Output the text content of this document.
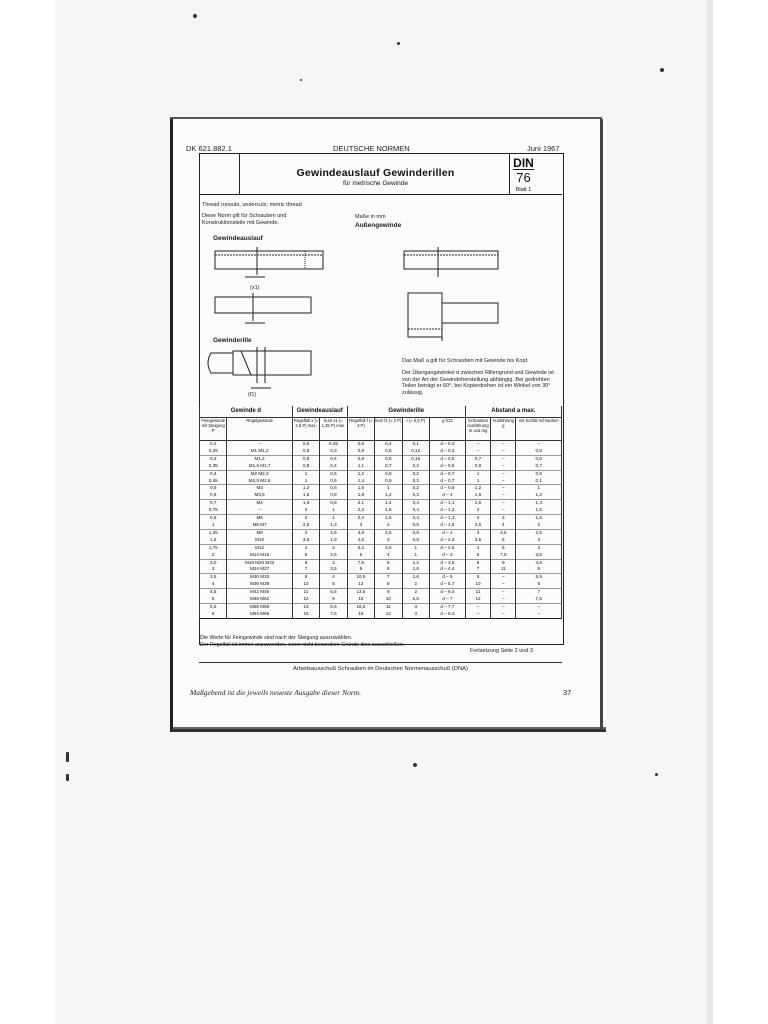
DK 621.882.1	DEUTSCHE NORMEN	Juni 1967
Gewindeauslauf Gewinderillen
für metrische Gewinde
DIN
76
Blatt 1
Thread runouts, undercuts; metric thread
Diese Norm gilt für Schrauben und Konstruktionsteile mit Gewinde.
Maße in mm
Außengewinde
Gewindeauslauf
Gewinderille
(x1)
(f1)
Das Maß a gilt für Schrauben mit Gewinde bis Kopf.
Der Übergangswinkel α zwischen Rillengrund und Gewinde ist von der Art der Gewindeherstellung abhängig. Bei gedrehten Teilen beträgt er 60°, bei Kopierdrehen ist ein Winkel von 30° zulässig.
Gewinde d		Gewindeauslauf		Gewinderille				Abstand a max.		
Feingewinde mit Steigung P	Regelgewinde	Regelfall x (≈ 2,5 P) max.	kurz x1 (≈ 1,25 P) max.	Regelfall f (≈ 3 P)	kurz f1 (≈ 2 P)	r (≈ 0,5 P)	g h13	Schrauben Ausführung m und mg	Ausführung g	mit Schlitz schrauben
0,2	–	0,5	0,25	0,6	0,4	0,1	d – 0,3	–	–	–
0,25	M1 M1,2	0,6	0,3	0,8	0,5	0,12	d – 0,4	–	–	0,5
0,3	M1,4	0,8	0,4	0,9	0,6	0,16	d – 0,5	0,7	–	0,6
0,35	M1,6 M1,7	0,8	0,4	1,1	0,7	0,2	d – 0,6	0,8	–	0,7
0,4	M2 M2,3	1	0,5	1,2	0,8	0,2	d – 0,7	1	–	0,8
0,45	M2,5 M2,6	1	0,5	1,4	0,9	0,2	d – 0,7	1	–	0,1
0,5	M3	1,2	0,6	1,5	1	0,2	d – 0,8	1,2	–	1
0,6	M3,5	1,6	0,8	1,8	1,2	0,3	d – 1	1,6	–	1,2
0,7	M4	1,6	0,8	2,1	1,4	0,4	d – 1,1	1,6	–	1,4
0,75	–	2	1	2,2	1,5	0,4	d – 1,2	2	–	1,5
0,8	M5	2	1	2,4	1,6	0,4	d – 1,3	2	3	1,6
1	M6 M7	2,5	1,3	3	2	0,5	d – 1,6	2,5	4	2
1,25	M8	3	1,6	3,8	2,5	0,6	d – 2	3	4,5	2,5
1,5	M10	3,5	1,9	4,5	3	0,8	d – 2,3	3,5	5	3
1,75	M12	4	2	5,2	3,5	1	d – 2,6	4	6	3
2	M14 M16	5	2,5	6	4	1	d – 3	5	7,5	3,5
3,0	M18 M20 M22	6	3	7,5	5	1,2	d – 3,6	6	9	4,5
3	M24 M27	7	3,5	9	6	1,6	d – 4,4	7	11	5
3,5	M30 M33	8	4	10,5	7	1,6	d – 5	8	–	5,5
4	M36 M39	10	5	12	8	2	d – 5,7	10	–	6
4,5	M42 M45	11	5,5	13,5	9	2	d – 6,4	11	–	7
5	M48 M52	12	6	15	10	2,5	d – 7	12	–	7,5
5,5	M56 M60	13	6,5	16,5	11	3	d – 7,7	–	–	–
6	M64 M68	15	7,5	18	12	3	d – 8,3	–	–	–
Die Werte für Feingewinde sind nach der Steigung auszuwählen.
Der Regelfall ist immer anzuwenden, wenn nicht besondere Gründe dies ausschließen.
Fortsetzung Seite 2 und 3
Arbeitsausschuß Schrauben im Deutschen Normenausschuß (DNA)
Maßgebend ist die jeweils neueste Ausgabe dieser Norm.	37
